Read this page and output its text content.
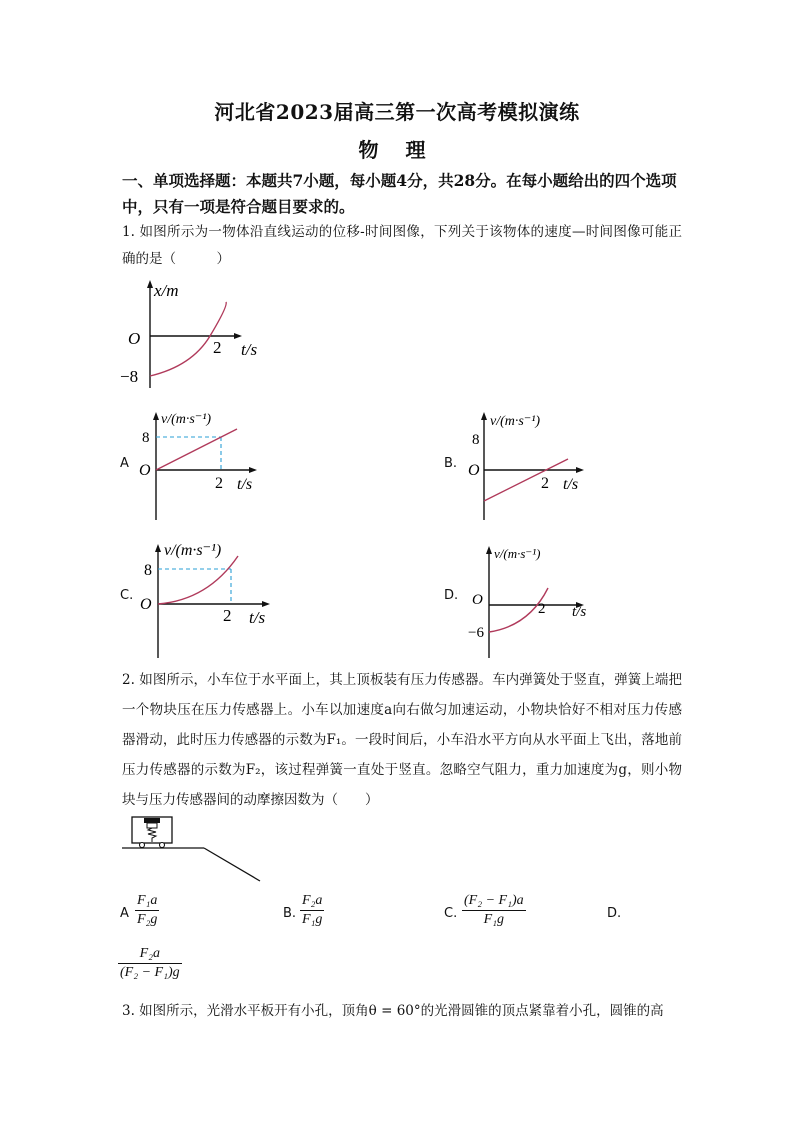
河北省2023届高三第一次高考模拟演练
物 理
一、单项选择题：本题共7小题，每小题4分，共28分。在每小题给出的四个选项中，只有一项是符合题目要求的。
1. 如图所示为一物体沿直线运动的位移-时间图像，下列关于该物体的速度—时间图像可能正确的是（　　　）
x/m
O	2 t/s
−8
A
v/(m·s⁻¹)
8
O
2 t/s
B.
v/(m·s⁻¹)
8
O
2 t/s
C.
v/(m·s⁻¹)
8
O
2 t/s
D.
v/(m·s⁻¹)
O
−6
2 t/s
2. 如图所示，小车位于水平面上，其上顶板装有压力传感器。车内弹簧处于竖直，弹簧上端把一个物块压在压力传感器上。小车以加速度a向右做匀加速运动，小物块恰好不相对压力传感器滑动，此时压力传感器的示数为F₁。一段时间后，小车沿水平方向从水平面上飞出，落地前压力传感器的示数为F₂，该过程弹簧一直处于竖直。忽略空气阻力，重力加速度为g，则小物块与压力传感器间的动摩擦因数为（　　）
A $\frac{\text{F₁a}}{\text{F₂g}}$	B. $\frac{\text{F₂a}}{\text{F₁g}}$	C. $\frac{\text{(F₂ − F₁)a}}{\text{F₁g}}$	D.
$\frac{\text{F₂a}}{\text{(F₂ − F₁)g}}$
3. 如图所示，光滑水平板开有小孔，顶角θ = 60°的光滑圆锥的顶点紧靠着小孔，圆锥的高
